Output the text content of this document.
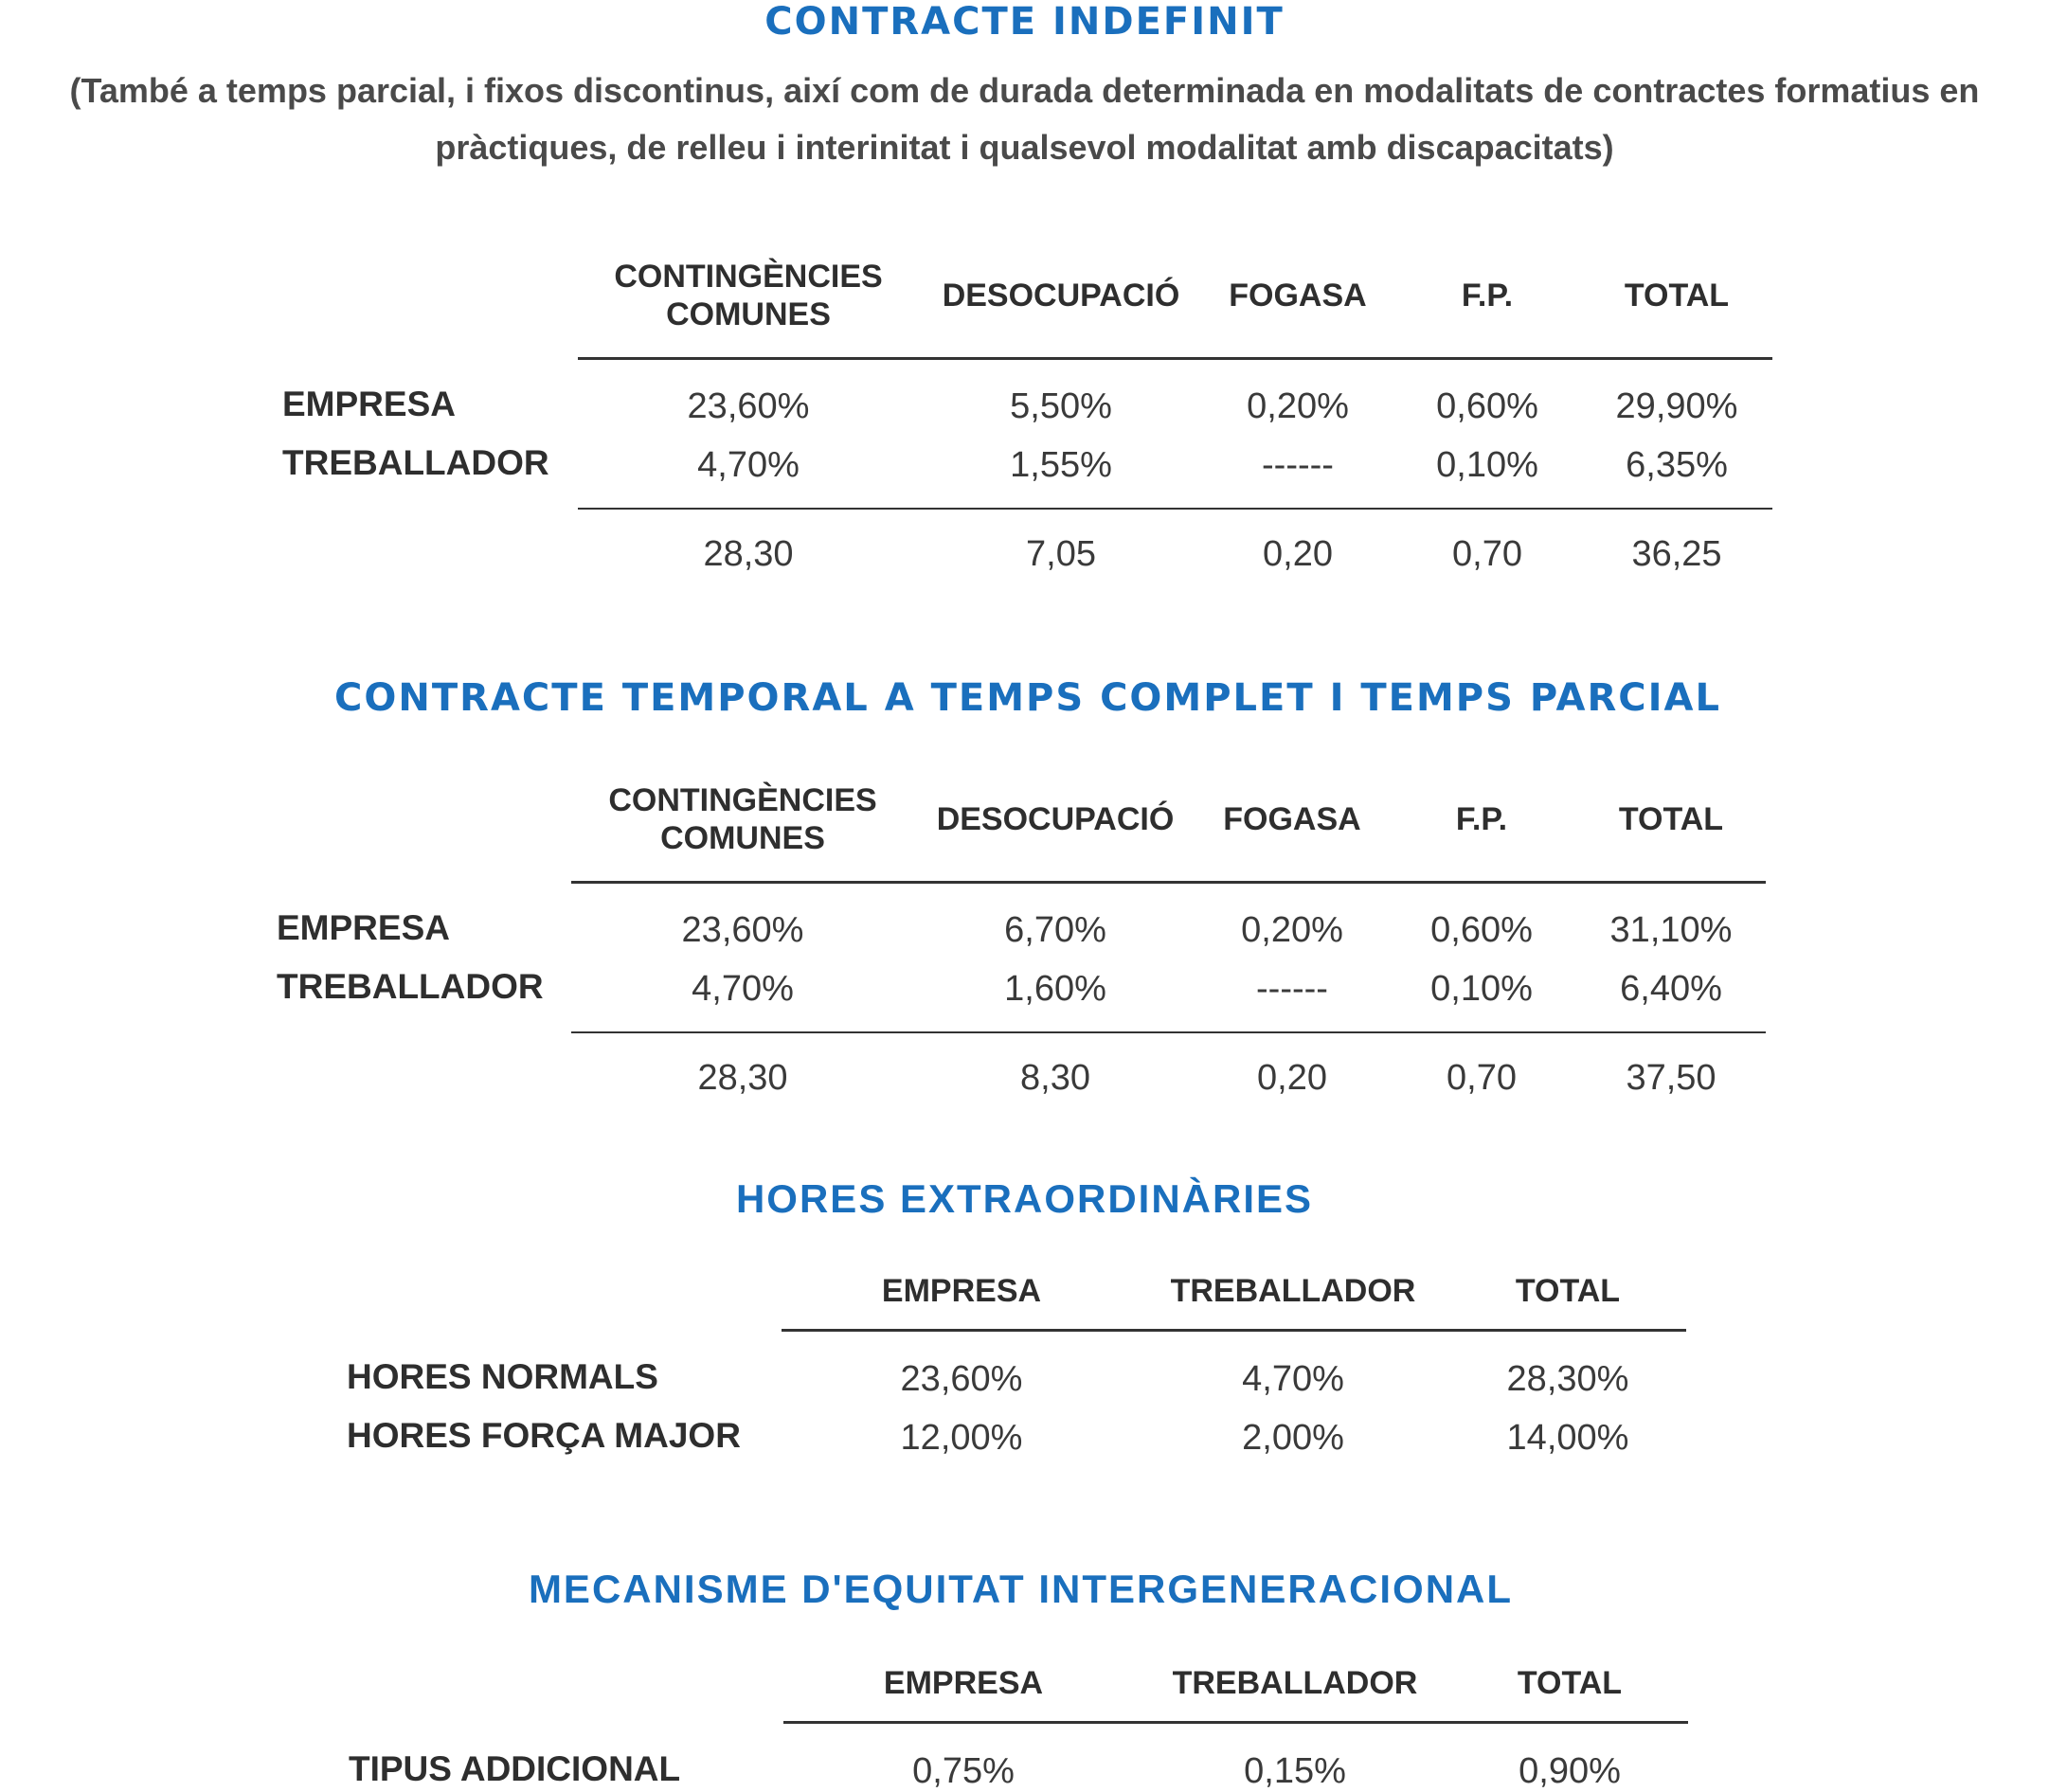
CONTRACTE INDEFINIT
(També a temps parcial, i fixos discontinus, així com de durada determinada en modalitats de contractes formatius en
pràctiques, de relleu i interinitat i qualsevol modalitat amb discapacitats)
CONTINGÈNCIES
COMUNES
DESOCUPACIÓ	FOGASA	F.P.	TOTAL
EMPRESA	23,60%	5,50%	0,20%	0,60%	29,90%
TREBALLADOR	4,70%	1,55%	------	0,10%	6,35%
28,30	7,05	0,20	0,70	36,25
CONTRACTE TEMPORAL A TEMPS COMPLET I TEMPS PARCIAL
CONTINGÈNCIES
COMUNES
DESOCUPACIÓ	FOGASA	F.P.	TOTAL
EMPRESA	23,60%	6,70%	0,20%	0,60%	31,10%
TREBALLADOR	4,70%	1,60%	------	0,10%	6,40%
28,30	8,30	0,20	0,70	37,50
HORES EXTRAORDINÀRIES
EMPRESA	TREBALLADOR	TOTAL
HORES NORMALS	23,60%	4,70%	28,30%
HORES FORÇA MAJOR	12,00%	2,00%	14,00%
MECANISME D'EQUITAT INTERGENERACIONAL
EMPRESA	TREBALLADOR	TOTAL
TIPUS ADDICIONAL	0,75%	0,15%	0,90%
